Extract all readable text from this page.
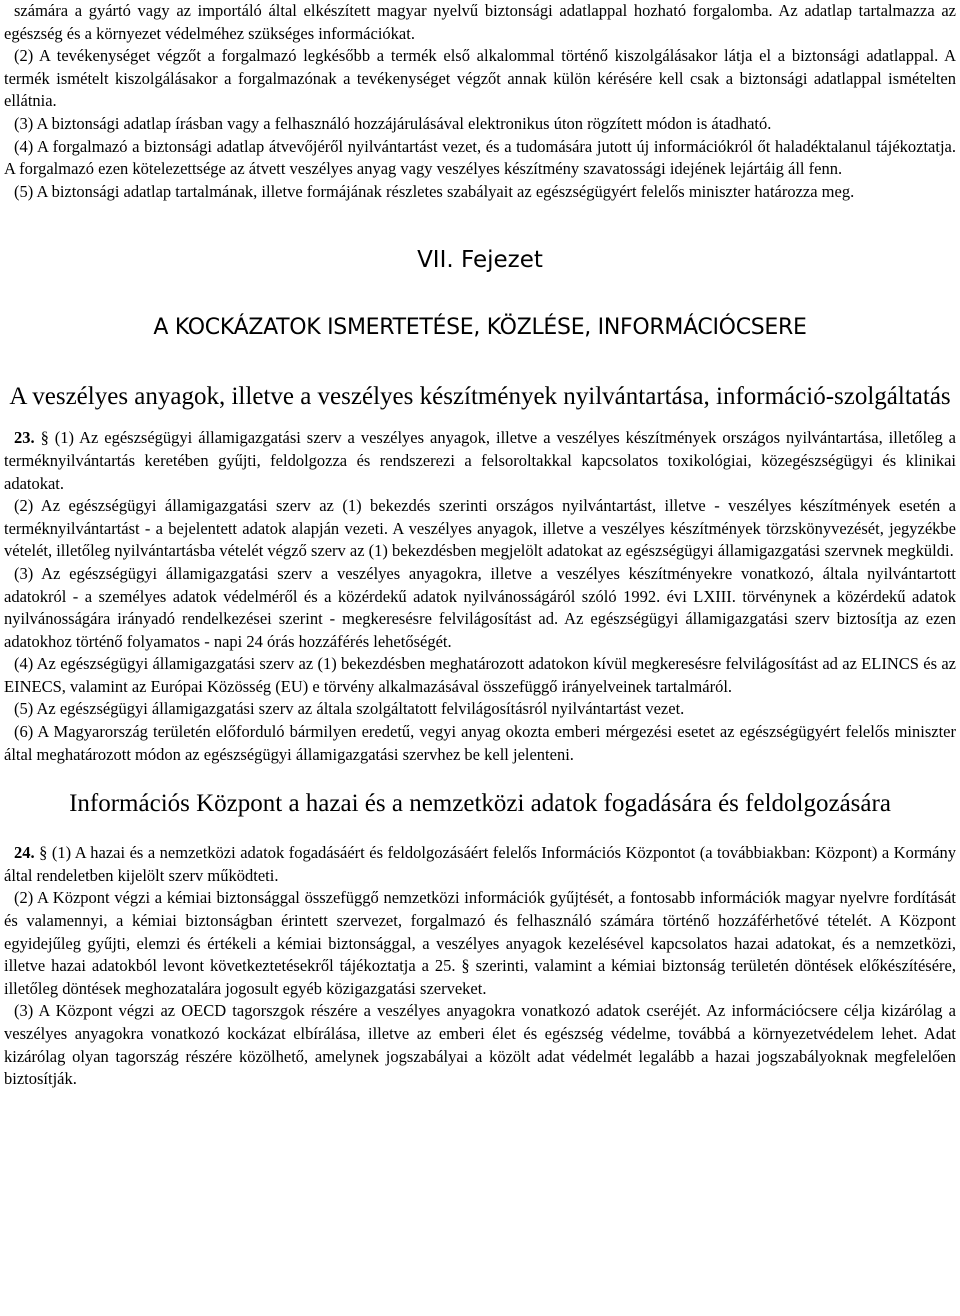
számára a gyártó vagy az importáló által elkészített magyar nyelvű biztonsági adatlappal hozható forgalomba. Az adatlap tartalmazza az egészség és a környezet védelméhez szükséges információkat.

(2) A tevékenységet végzőt a forgalmazó legkésőbb a termék első alkalommal történő kiszolgálásakor látja el a biztonsági adatlappal. A termék ismételt kiszolgálásakor a forgalmazónak a tevékenységet végzőt annak külön kérésére kell csak a biztonsági adatlappal ismételten ellátnia.

(3) A biztonsági adatlap írásban vagy a felhasználó hozzájárulásával elektronikus úton rögzített módon is átadható.

(4) A forgalmazó a biztonsági adatlap átvevőjéről nyilvántartást vezet, és a tudomására jutott új információkról őt haladéktalanul tájékoztatja. A forgalmazó ezen kötelezettsége az átvett veszélyes anyag vagy veszélyes készítmény szavatossági idejének lejártáig áll fenn.

(5) A biztonsági adatlap tartalmának, illetve formájának részletes szabályait az egészségügyért felelős miniszter határozza meg.

VII. Fejezet
A KOCKÁZATOK ISMERTETÉSE, KÖZLÉSE, INFORMÁCIÓCSERE
A veszélyes anyagok, illetve a veszélyes készítmények nyilvántartása, információ-szolgáltatás

23. § (1) Az egészségügyi államigazgatási szerv a veszélyes anyagok, illetve a veszélyes készítmények országos nyilvántartása, illetőleg a terméknyilvántartás keretében gyűjti, feldolgozza és rendszerezi a felsoroltakkal kapcsolatos toxikológiai, közegészségügyi és klinikai adatokat.

(2) Az egészségügyi államigazgatási szerv az (1) bekezdés szerinti országos nyilvántartást, illetve - veszélyes készítmények esetén a terméknyilvántartást - a bejelentett adatok alapján vezeti. A veszélyes anyagok, illetve a veszélyes készítmények törzskönyvezését, jegyzékbe vételét, illetőleg nyilvántartásba vételét végző szerv az (1) bekezdésben megjelölt adatokat az egészségügyi államigazgatási szervnek megküldi.

(3) Az egészségügyi államigazgatási szerv a veszélyes anyagokra, illetve a veszélyes készítményekre vonatkozó, általa nyilvántartott adatokról - a személyes adatok védelméről és a közérdekű adatok nyilvánosságáról szóló 1992. évi LXIII. törvénynek a közérdekű adatok nyilvánosságára irányadó rendelkezései szerint - megkeresésre felvilágosítást ad. Az egészségügyi államigazgatási szerv biztosítja az ezen adatokhoz történő folyamatos - napi 24 órás hozzáférés lehetőségét.

(4) Az egészségügyi államigazgatási szerv az (1) bekezdésben meghatározott adatokon kívül megkeresésre felvilágosítást ad az ELINCS és az EINECS, valamint az Európai Közösség (EU) e törvény alkalmazásával összefüggő irányelveinek tartalmáról.

(5) Az egészségügyi államigazgatási szerv az általa szolgáltatott felvilágosításról nyilvántartást vezet.

(6) A Magyarország területén előforduló bármilyen eredetű, vegyi anyag okozta emberi mérgezési esetet az egészségügyért felelős miniszter által meghatározott módon az egészségügyi államigazgatási szervhez be kell jelenteni.

Információs Központ a hazai és a nemzetközi adatok fogadására és feldolgozására

24. § (1) A hazai és a nemzetközi adatok fogadásáért és feldolgozásáért felelős Információs Központot (a továbbiakban: Központ) a Kormány által rendeletben kijelölt szerv működteti.

(2) A Központ végzi a kémiai biztonsággal összefüggő nemzetközi információk gyűjtését, a fontosabb információk magyar nyelvre fordítását és valamennyi, a kémiai biztonságban érintett szervezet, forgalmazó és felhasználó számára történő hozzáférhetővé tételét. A Központ egyidejűleg gyűjti, elemzi és értékeli a kémiai biztonsággal, a veszélyes anyagok kezelésével kapcsolatos hazai adatokat, és a nemzetközi, illetve hazai adatokból levont következtetésekről tájékoztatja a 25. § szerinti, valamint a kémiai biztonság területén döntések előkészítésére, illetőleg döntések meghozatalára jogosult egyéb közigazgatási szerveket.

(3) A Központ végzi az OECD tagorszgok részére a veszélyes anyagokra vonatkozó adatok cseréjét. Az információcsere célja kizárólag a veszélyes anyagokra vonatkozó kockázat elbírálása, illetve az emberi élet és egészség védelme, továbbá a környezetvédelem lehet. Adat kizárólag olyan tagország részére közölhető, amelynek jogszabályai a közölt adat védelmét legalább a hazai jogszabályoknak megfelelően biztosítják.
